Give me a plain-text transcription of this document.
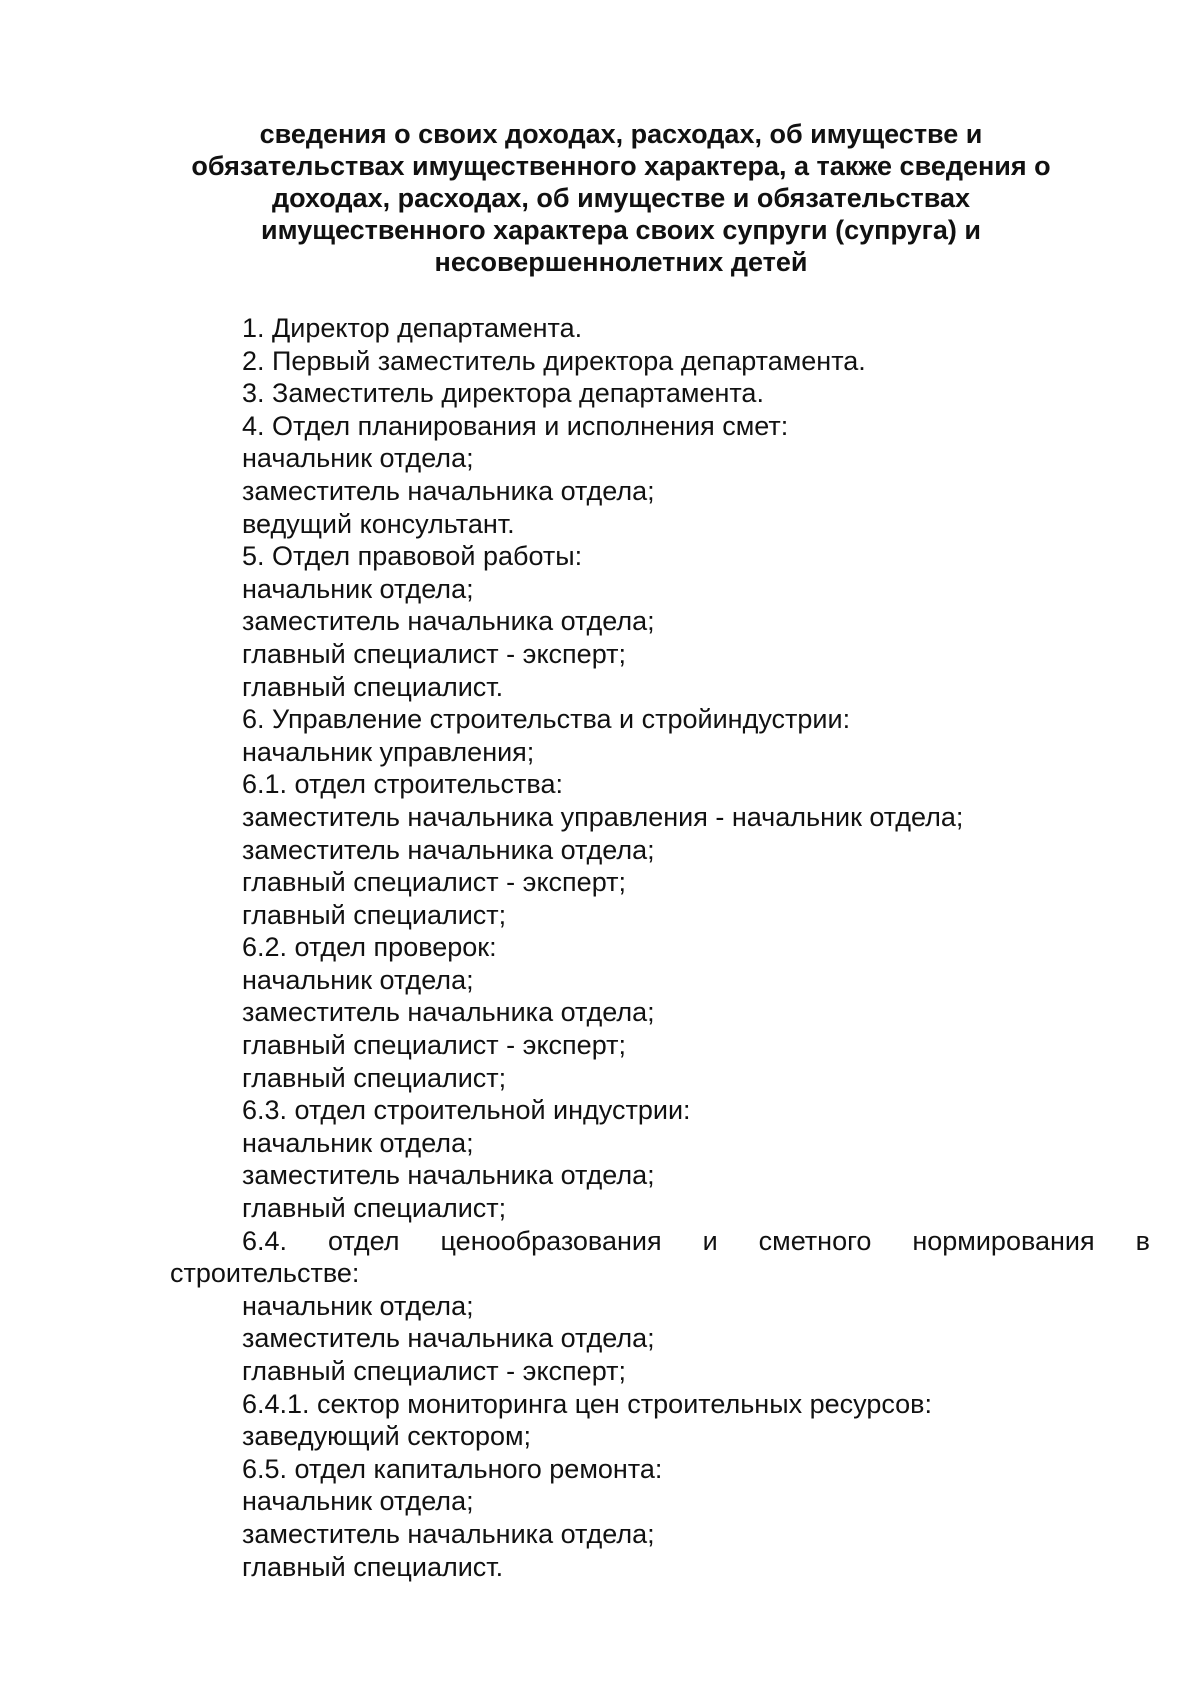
сведения о своих доходах, расходах, об имуществе и
обязательствах имущественного характера, а также сведения о
доходах, расходах, об имуществе и обязательствах
имущественного характера своих супруги (супруга) и
несовершеннолетних детей
1. Директор департамента.
2. Первый заместитель директора департамента.
3. Заместитель директора департамента.
4. Отдел планирования и исполнения смет:
начальник отдела;
заместитель начальника отдела;
ведущий консультант.
5. Отдел правовой работы:
начальник отдела;
заместитель начальника отдела;
главный специалист - эксперт;
главный специалист.
6. Управление строительства и стройиндустрии:
начальник управления;
6.1. отдел строительства:
заместитель начальника управления - начальник отдела;
заместитель начальника отдела;
главный специалист - эксперт;
главный специалист;
6.2. отдел проверок:
начальник отдела;
заместитель начальника отдела;
главный специалист - эксперт;
главный специалист;
6.3. отдел строительной индустрии:
начальник отдела;
заместитель начальника отдела;
главный специалист;
6.4. отдел ценообразования и сметного нормирования в
строительстве:
начальник отдела;
заместитель начальника отдела;
главный специалист - эксперт;
6.4.1. сектор мониторинга цен строительных ресурсов:
заведующий сектором;
6.5. отдел капитального ремонта:
начальник отдела;
заместитель начальника отдела;
главный специалист.
